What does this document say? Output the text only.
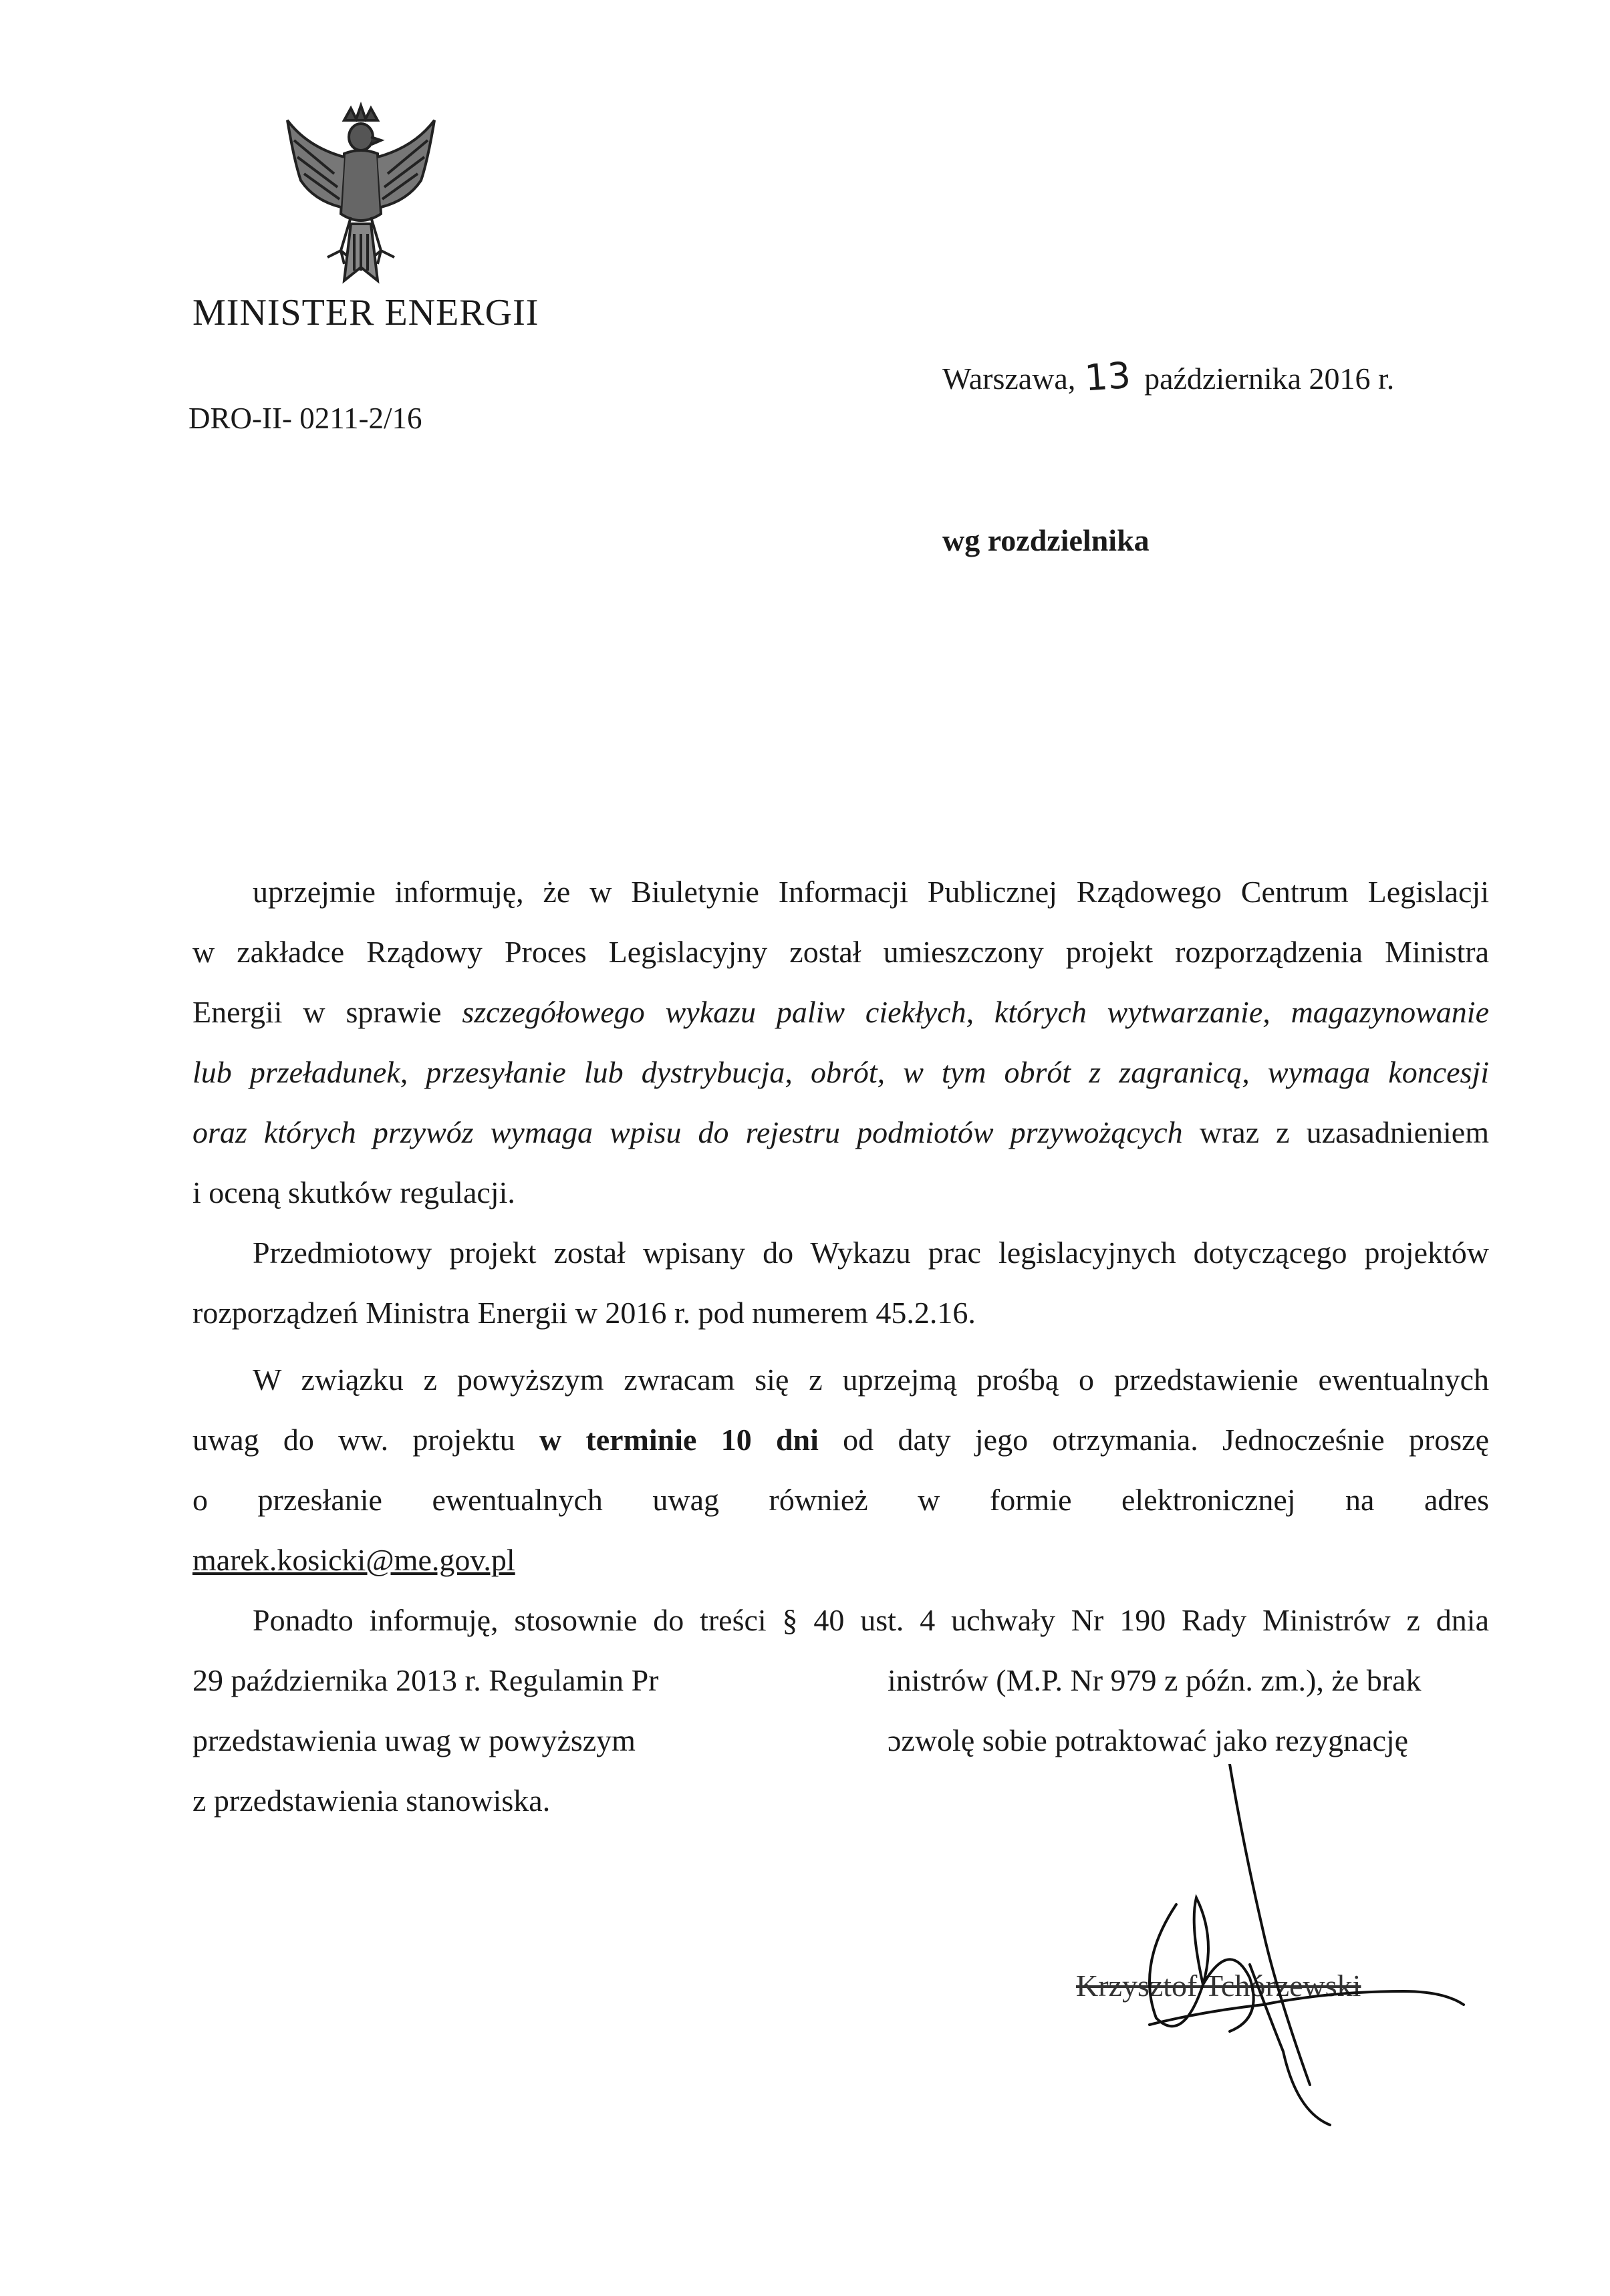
MINISTER ENERGII
DRO-II- 0211-2/16
Warszawa, 13 października 2016 r.
wg rozdzielnika
uprzejmie informuję, że w Biuletynie Informacji Publicznej Rządowego Centrum Legislacji
w zakładce Rządowy Proces Legislacyjny został umieszczony projekt rozporządzenia Ministra
Energii w sprawie szczegółowego wykazu paliw ciekłych, których wytwarzanie, magazynowanie
lub przeładunek, przesyłanie lub dystrybucja, obrót, w tym obrót z zagranicą, wymaga koncesji
oraz których przywóz wymaga wpisu do rejestru podmiotów przywożących wraz z uzasadnieniem
i oceną skutków regulacji.
Przedmiotowy projekt został wpisany do Wykazu prac legislacyjnych dotyczącego projektów
rozporządzeń Ministra Energii w 2016 r. pod numerem 45.2.16.
W związku z powyższym zwracam się z uprzejmą prośbą o przedstawienie ewentualnych
uwag do ww. projektu w terminie 10 dni od daty jego otrzymania. Jednocześnie proszę
o przesłanie ewentualnych uwag również w formie elektronicznej na adres
marek.kosicki@me.gov.pl
Ponadto informuję, stosownie do treści § 40 ust. 4 uchwały Nr 190 Rady Ministrów z dnia
29 października 2013 r. Regulamin Pr	inistrów (M.P. Nr 979 z późn. zm.), że brak
przedstawienia uwag w powyższym	ɔzwolę sobie potraktować jako rezygnację
z przedstawienia stanowiska.
Krzysztof Tchórzewski
